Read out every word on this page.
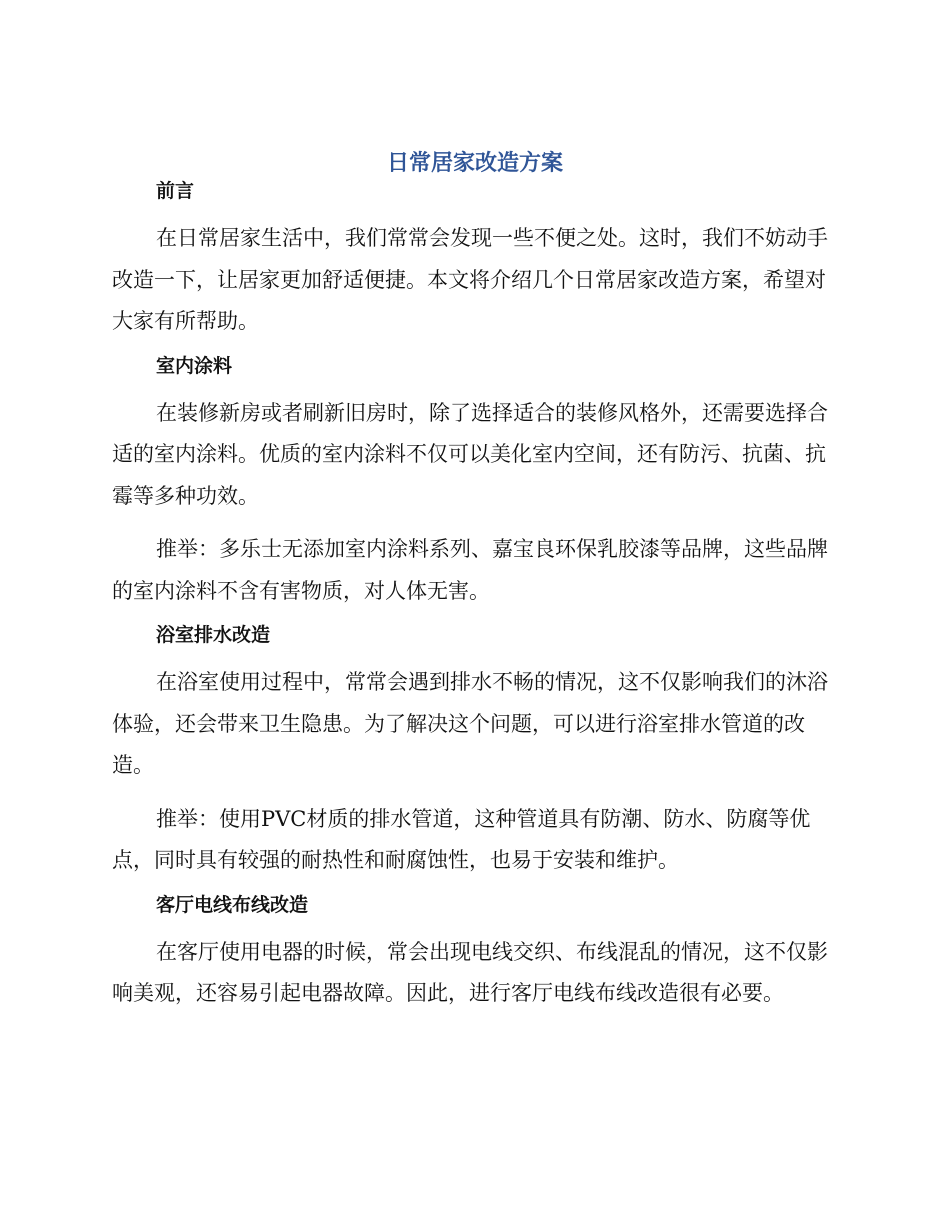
日常居家改造方案
前言

在日常居家生活中，我们常常会发现一些不便之处。这时，我们不妨动手改造一下，让居家更加舒适便捷。本文将介绍几个日常居家改造方案，希望对大家有所帮助。

室内涂料

在装修新房或者刷新旧房时，除了选择适合的装修风格外，还需要选择合适的室内涂料。优质的室内涂料不仅可以美化室内空间，还有防污、抗菌、抗霉等多种功效。

推举：多乐士无添加室内涂料系列、嘉宝良环保乳胶漆等品牌，这些品牌的室内涂料不含有害物质，对人体无害。

浴室排水改造

在浴室使用过程中，常常会遇到排水不畅的情况，这不仅影响我们的沐浴体验，还会带来卫生隐患。为了解决这个问题，可以进行浴室排水管道的改造。

推举：使用PVC材质的排水管道，这种管道具有防潮、防水、防腐等优点，同时具有较强的耐热性和耐腐蚀性，也易于安装和维护。

客厅电线布线改造

在客厅使用电器的时候，常会出现电线交织、布线混乱的情况，这不仅影响美观，还容易引起电器故障。因此，进行客厅电线布线改造很有必要。
